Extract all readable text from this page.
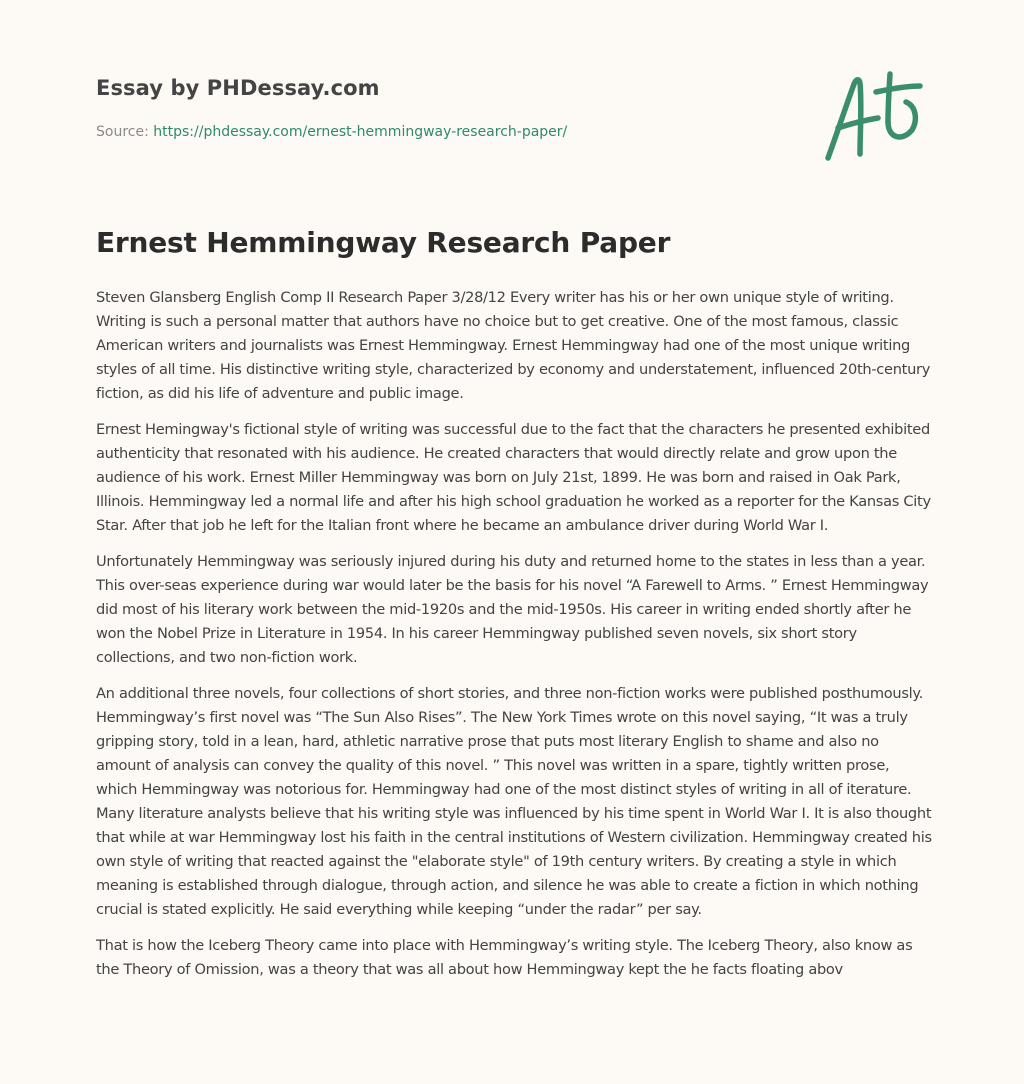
Essay by PHDessay.com

Source: https://phdessay.com/ernest-hemmingway-research-paper/

Ernest Hemmingway Research Paper

Steven Glansberg English Comp II Research Paper 3/28/12 Every writer has his or her own unique style of writing. Writing is such a personal matter that authors have no choice but to get creative. One of the most famous, classic American writers and journalists was Ernest Hemmingway. Ernest Hemmingway had one of the most unique writing styles of all time. His distinctive writing style, characterized by economy and understatement, influenced 20th-century fiction, as did his life of adventure and public image.

Ernest Hemingway's fictional style of writing was successful due to the fact that the characters he presented exhibited authenticity that resonated with his audience. He created characters that would directly relate and grow upon the audience of his work. Ernest Miller Hemmingway was born on July 21st, 1899. He was born and raised in Oak Park, Illinois. Hemmingway led a normal life and after his high school graduation he worked as a reporter for the Kansas City Star. After that job he left for the Italian front where he became an ambulance driver during World War I.

Unfortunately Hemmingway was seriously injured during his duty and returned home to the states in less than a year. This over-seas experience during war would later be the basis for his novel “A Farewell to Arms. ” Ernest Hemmingway did most of his literary work between the mid-1920s and the mid-1950s. His career in writing ended shortly after he won the Nobel Prize in Literature in 1954. In his career Hemmingway published seven novels, six short story collections, and two non-fiction work.

An additional three novels, four collections of short stories, and three non-fiction works were published posthumously. Hemmingway’s first novel was “The Sun Also Rises”. The New York Times wrote on this novel saying, “It was a truly gripping story, told in a lean, hard, athletic narrative prose that puts most literary English to shame and also no amount of analysis can convey the quality of this novel. ” This novel was written in a spare, tightly written prose, which Hemmingway was notorious for. Hemmingway had one of the most distinct styles of writing in all of iterature. Many literature analysts believe that his writing style was influenced by his time spent in World War I. It is also thought that while at war Hemmingway lost his faith in the central institutions of Western civilization. Hemmingway created his own style of writing that reacted against the "elaborate style" of 19th century writers. By creating a style in which meaning is established through dialogue, through action, and silence he was able to create a fiction in which nothing crucial is stated explicitly. He said everything while keeping “under the radar” per say.

That is how the Iceberg Theory came into place with Hemmingway’s writing style. The Iceberg Theory, also know as the Theory of Omission, was a theory that was all about how Hemmingway kept the he facts floating abov
